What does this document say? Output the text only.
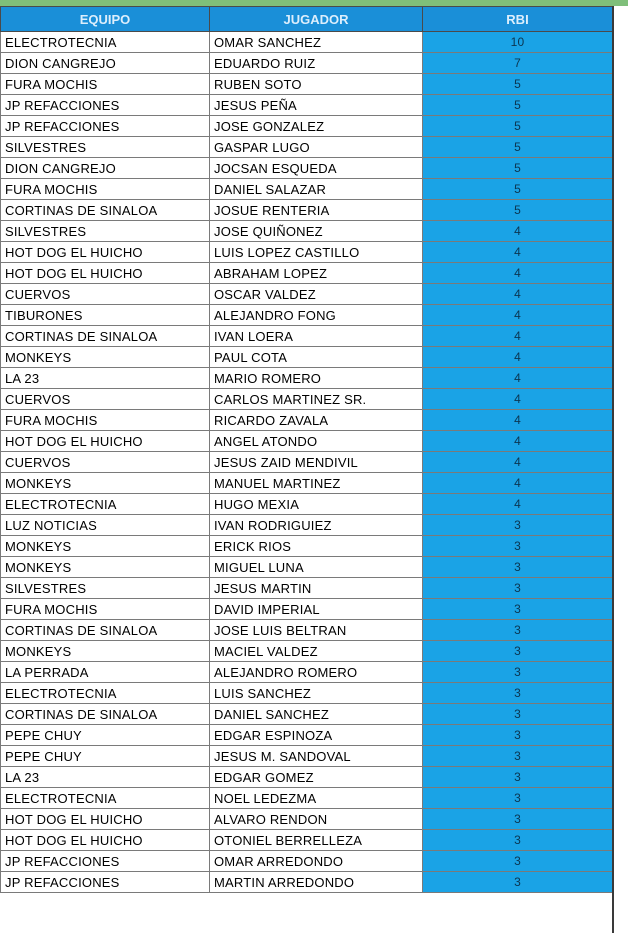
EQUIPO	JUGADOR	RBI
ELECTROTECNIA	OMAR SANCHEZ	10
DION CANGREJO	EDUARDO RUIZ	7
FURA MOCHIS	RUBEN SOTO	5
JP REFACCIONES	JESUS PEÑA	5
JP REFACCIONES	JOSE GONZALEZ	5
SILVESTRES	GASPAR LUGO	5
DION CANGREJO	JOCSAN ESQUEDA	5
FURA MOCHIS	DANIEL SALAZAR	5
CORTINAS DE SINALOA	JOSUE RENTERIA	5
SILVESTRES	JOSE QUIÑONEZ	4
HOT DOG EL HUICHO	LUIS LOPEZ CASTILLO	4
HOT DOG EL HUICHO	ABRAHAM LOPEZ	4
CUERVOS	OSCAR VALDEZ	4
TIBURONES	ALEJANDRO FONG	4
CORTINAS DE SINALOA	IVAN LOERA	4
MONKEYS	PAUL COTA	4
LA 23	MARIO ROMERO	4
CUERVOS	CARLOS MARTINEZ SR.	4
FURA MOCHIS	RICARDO ZAVALA	4
HOT DOG EL HUICHO	ANGEL ATONDO	4
CUERVOS	JESUS ZAID MENDIVIL	4
MONKEYS	MANUEL MARTINEZ	4
ELECTROTECNIA	HUGO MEXIA	4
LUZ NOTICIAS	IVAN RODRIGUIEZ	3
MONKEYS	ERICK RIOS	3
MONKEYS	MIGUEL LUNA	3
SILVESTRES	JESUS MARTIN	3
FURA MOCHIS	DAVID IMPERIAL	3
CORTINAS DE SINALOA	JOSE LUIS BELTRAN	3
MONKEYS	MACIEL VALDEZ	3
LA PERRADA	ALEJANDRO ROMERO	3
ELECTROTECNIA	LUIS SANCHEZ	3
CORTINAS DE SINALOA	DANIEL SANCHEZ	3
PEPE CHUY	EDGAR ESPINOZA	3
PEPE CHUY	JESUS M. SANDOVAL	3
LA 23	EDGAR GOMEZ	3
ELECTROTECNIA	NOEL LEDEZMA	3
HOT DOG EL HUICHO	ALVARO RENDON	3
HOT DOG EL HUICHO	OTONIEL BERRELLEZA	3
JP REFACCIONES	OMAR ARREDONDO	3
JP REFACCIONES	MARTIN ARREDONDO	3
